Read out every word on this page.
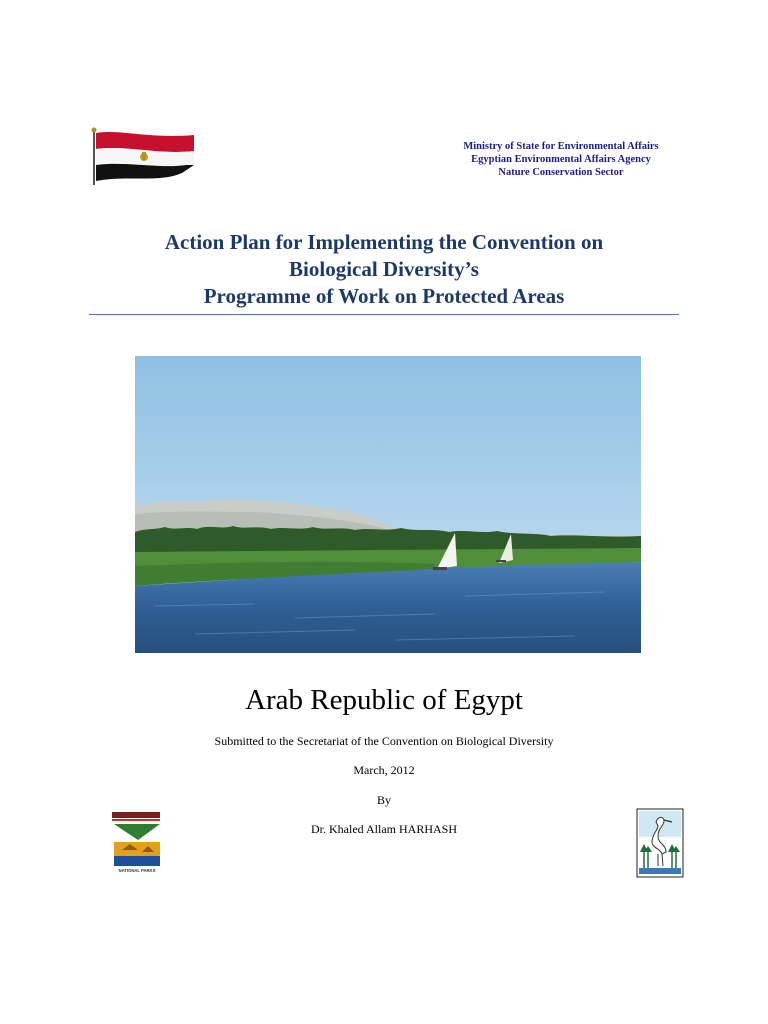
Ministry of State for Environmental Affairs
Egyptian Environmental Affairs Agency
Nature Conservation Sector
Action Plan for Implementing the Convention on
Biological Diversity’s
Programme of Work on Protected Areas
Arab Republic of Egypt
Submitted to the Secretariat of the Convention on Biological Diversity
March, 2012
By
Dr. Khaled Allam HARHASH
NATIONAL PARKS
